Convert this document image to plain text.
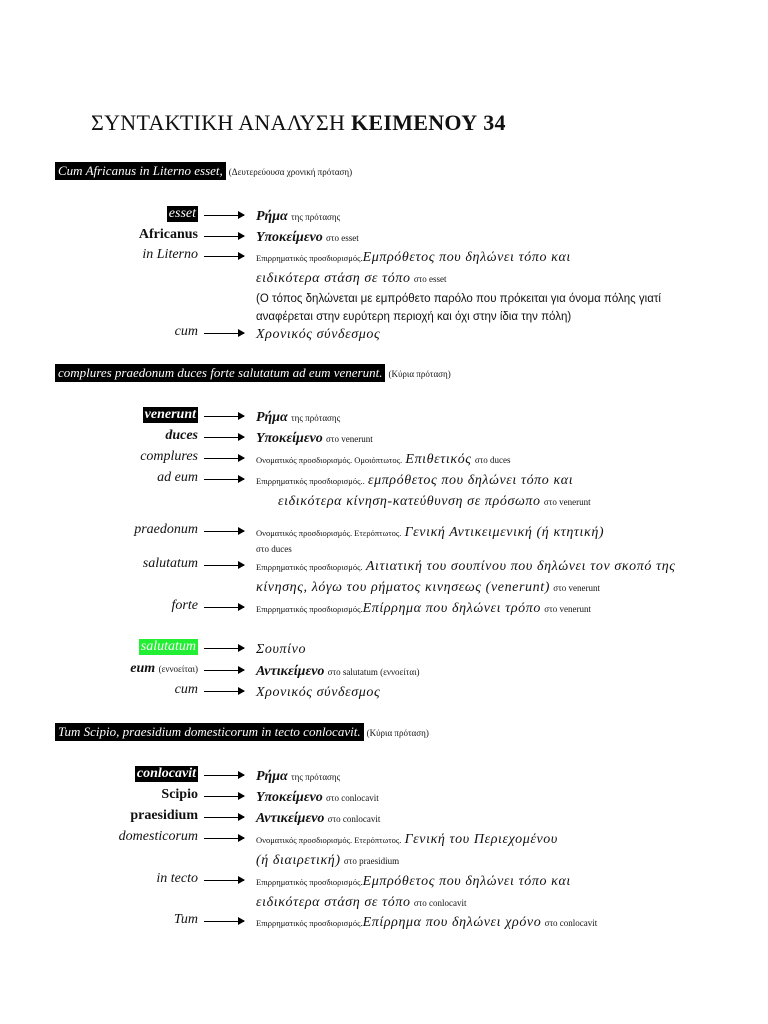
ΣΥΝΤΑΚΤΙΚΗ ΑΝΑΛΥΣΗ ΚΕΙΜΕΝΟΥ 34
Cum Africanus in Literno esset, (Δευτερεύουσα χρονική πρόταση)
esset	Ρήμα της πρότασης
Africanus	Υποκείμενο στο esset
in Literno	Επιρρηματικός προσδιορισμός.Εμπρόθετος που δηλώνει τόπο και
ειδικότερα στάση σε τόπο στο esset
(Ο τόπος δηλώνεται με εμπρόθετο παρόλο που πρόκειται για όνομα πόλης γιατί
αναφέρεται στην ευρύτερη περιοχή και όχι στην ίδια την πόλη)
cum	Χρονικός σύνδεσμος
complures praedonum duces forte salutatum ad eum venerunt. (Κύρια πρόταση)
venerunt	Ρήμα της πρότασης
duces	Υποκείμενο στο venerunt
complures	Ονοματικός προσδιορισμός. Ομοιόπτωτος. Επιθετικός στο duces
ad eum	Επιρρηματικός προσδιορισμός.. εμπρόθετος που δηλώνει τόπο και
ειδικότερα κίνηση-κατεύθυνση σε πρόσωπο στο venerunt
praedonum	Ονοματικός προσδιορισμός. Ετερόπτωτος. Γενική Αντικειμενική (ή κτητική)
στο duces
salutatum	Επιρρηματικός προσδιορισμός. Αιτιατική του σουπίνου που δηλώνει τον σκοπό της
κίνησης, λόγω του ρήματος κινησεως (venerunt) στο venerunt
forte	Επιρρηματικός προσδιορισμός.Επίρρημα που δηλώνει τρόπο στο venerunt
salutatum	Σουπίνο
eum (εννοείται)	Αντικείμενο στο salutatum (εννοείται)
cum	Χρονικός σύνδεσμος
Tum Scipio, praesidium domesticorum in tecto conlocavit. (Κύρια πρόταση)
conlocavit	Ρήμα της πρότασης
Scipio	Υποκείμενο στο conlocavit
praesidium	Αντικείμενο στο conlocavit
domesticorum	Ονοματικός προσδιορισμός. Ετερόπτωτος. Γενική του Περιεχομένου
(ή διαιρετική) στο praesidium
in tecto	Επιρρηματικός προσδιορισμός.Εμπρόθετος που δηλώνει τόπο και
ειδικότερα στάση σε τόπο στο conlocavit
Tum	Επιρρηματικός προσδιορισμός.Επίρρημα που δηλώνει χρόνο στο conlocavit
